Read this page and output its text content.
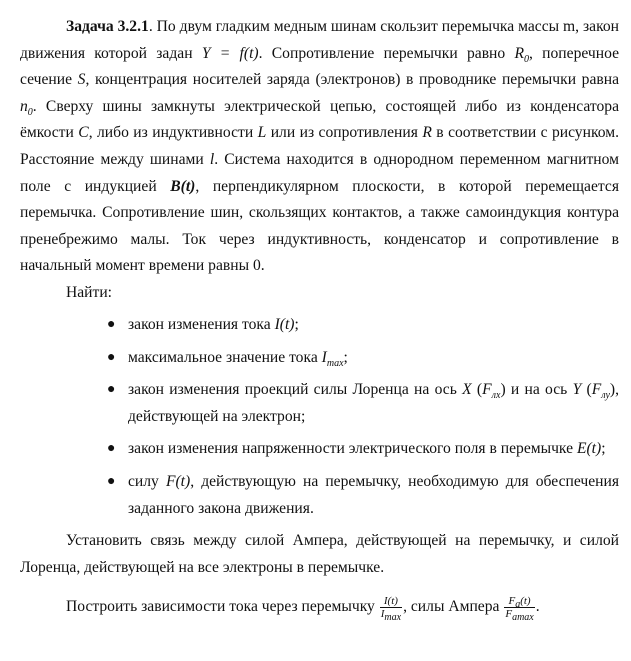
Задача 3.2.1. По двум гладким медным шинам скользит перемычка массы m, закон движения которой задан Y = f(t). Сопротивление перемычки равно $R_0$, поперечное сечение S, концентрация носителей заряда (электронов) в проводнике перемычки равна $n_0$. Сверху шины замкнуты электрической цепью, состоящей либо из конденсатора ёмкости C, либо из индуктивности L или из сопротивления R в соответствии с рисунком. Расстояние между шинами l. Система находится в однородном переменном магнитном поле с индукцией B(t), перпендикулярном плоскости, в которой перемещается перемычка. Сопротивление шин, скользящих контактов, а также самоиндукция контура пренебрежимо малы. Ток через индуктивность, конденсатор и сопротивление в начальный момент времени равны 0.

Найти:

● закон изменения тока I(t);
● максимальное значение тока $I_{max}$;
● закон изменения проекций силы Лоренца на ось X $(F_{лх})$ и на ось Y $(F_{лу})$, действующей на электрон;
● закон изменения напряженности электрического поля в перемычке E(t);
● силу F(t), действующую на перемычку, необходимую для обеспечения заданного закона движения.

Установить связь между силой Ампера, действующей на перемычку, и силой Лоренца, действующей на все электроны в перемычке.

Построить зависимости тока через перемычку $\frac{I(t)}{I_{max}}$ , силы Ампера $\frac{F_a(t)}{F_{amax}}$ .
